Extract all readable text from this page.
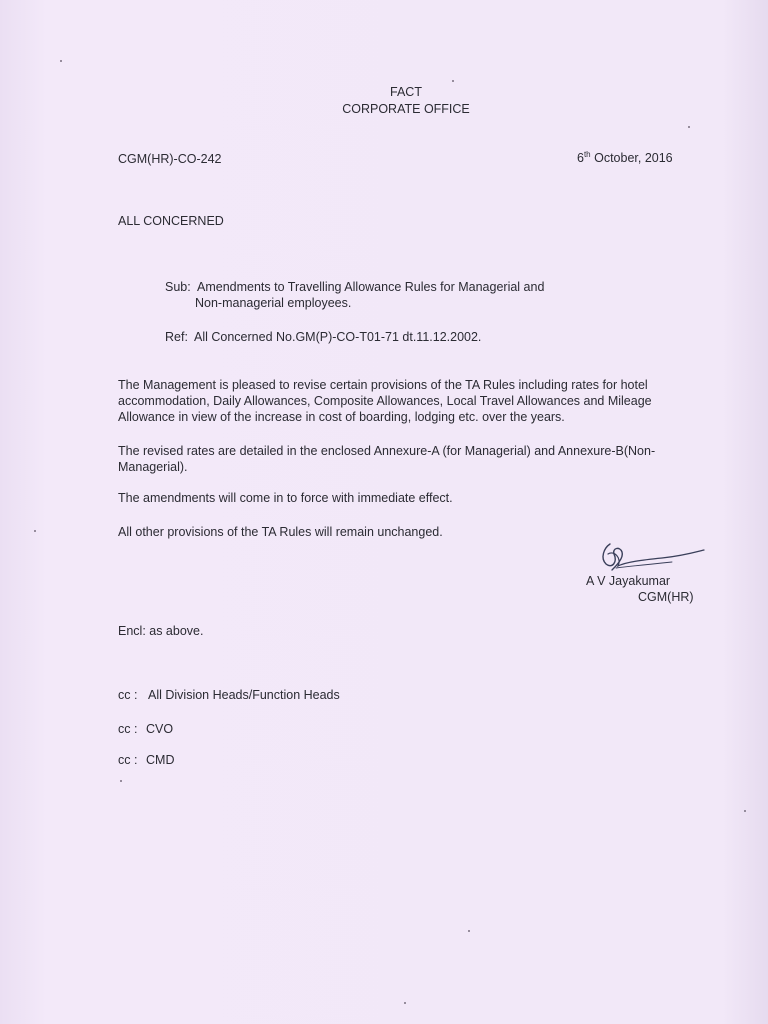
FACT
CORPORATE OFFICE
CGM(HR)-CO-242	6th October, 2016
ALL CONCERNED
Sub: Amendments to Travelling Allowance Rules for Managerial and
Non-managerial employees.
Ref: All Concerned No.GM(P)-CO-T01-71 dt.11.12.2002.
The Management is pleased to revise certain provisions of the TA Rules including rates for hotel
accommodation, Daily Allowances, Composite Allowances, Local Travel Allowances and Mileage
Allowance in view of the increase in cost of boarding, lodging etc. over the years.
The revised rates are detailed in the enclosed Annexure-A (for Managerial) and Annexure-B(Non-
Managerial).
The amendments will come in to force with immediate effect.
All other provisions of the TA Rules will remain unchanged.
A V Jayakumar
CGM(HR)
Encl: as above.
cc : All Division Heads/Function Heads
cc : CVO
cc : CMD
